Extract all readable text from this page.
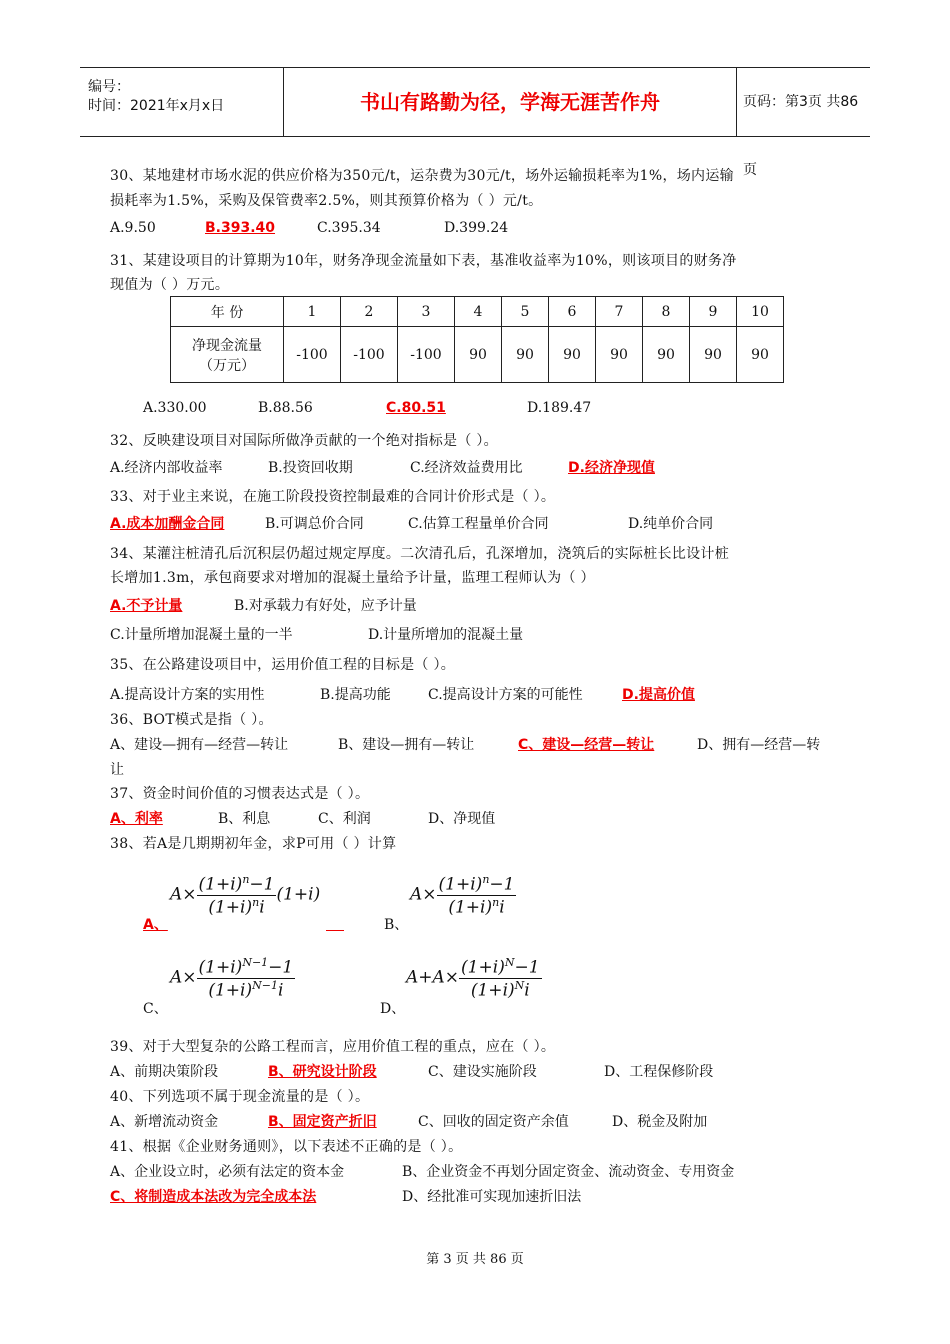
编号：
时间：2021年x月x日	书山有路勤为径，学海无涯苦作舟	页码：第3页 共86页
30、某地建材市场水泥的供应价格为350元/t，运杂费为30元/t，场外运输损耗率为1%，场内运输
损耗率为1.5%，采购及保管费率2.5%，则其预算价格为（ ）元/t。
A.9.50	B.393.40	C.395.34	D.399.24
31、某建设项目的计算期为10年，财务净现金流量如下表，基准收益率为10%，则该项目的财务净
现值为（ ）万元。
年 份	1	2	3	4	5	6	7	8	9	10

净现金流量
（万元）	-100	-100	-100	90	90	90	90	90	90	90
A.330.00	B.88.56	C.80.51	D.189.47
32、反映建设项目对国际所做净贡献的一个绝对指标是（ ）。
A.经济内部收益率	B.投资回收期	C.经济效益费用比	D.经济净现值
33、对于业主来说，在施工阶段投资控制最难的合同计价形式是（ ）。
A.成本加酬金合同	B.可调总价合同	C.估算工程量单价合同	D.纯单价合同
34、某灌注桩清孔后沉积层仍超过规定厚度。二次清孔后，孔深增加，浇筑后的实际桩长比设计桩
长增加1.3m，承包商要求对增加的混凝土量给予计量，监理工程师认为（ ）
A.不予计量	B.对承载力有好处，应予计量
C.计量所增加混凝土量的一半	D.计量所增加的混凝土量
35、在公路建设项目中，运用价值工程的目标是（ ）。
A.提高设计方案的实用性	B.提高功能	C.提高设计方案的可能性	D.提高价值
36、BOT模式是指（ ）。
A、建设—拥有—经营—转让	B、建设—拥有—转让	C、建设—经营—转让	D、拥有—经营—转
让
37、资金时间价值的习惯表达式是（ ）。
A、利率	B、利息	C、利润	D、净现值
38、若A是几期期初年金，求P可用（ ）计算
A、
$A\times \frac{(1+i)^n-1}{(1+i)^ni} (1+i)$
B、
$A\times \frac{(1+i)^n-1}{(1+i)^ni}$
C、
$A\times \frac{(1+i)^{N-1}-1}{(1+i)^{N-1}i}$
D、
$A+A\times \frac{(1+i)^N-1}{(1+i)^Ni}$
39、对于大型复杂的公路工程而言，应用价值工程的重点，应在（ ）。
A、前期决策阶段	B、研究设计阶段	C、建设实施阶段	D、工程保修阶段
40、下列选项不属于现金流量的是（ ）。
A、新增流动资金	B、固定资产折旧	C、回收的固定资产余值	D、税金及附加
41、根据《企业财务通则》，以下表述不正确的是（ ）。
A、企业设立时，必须有法定的资本金	B、企业资金不再划分固定资金、流动资金、专用资金
C、将制造成本法改为完全成本法	D、经批准可实现加速折旧法
第 3 页 共 86 页
